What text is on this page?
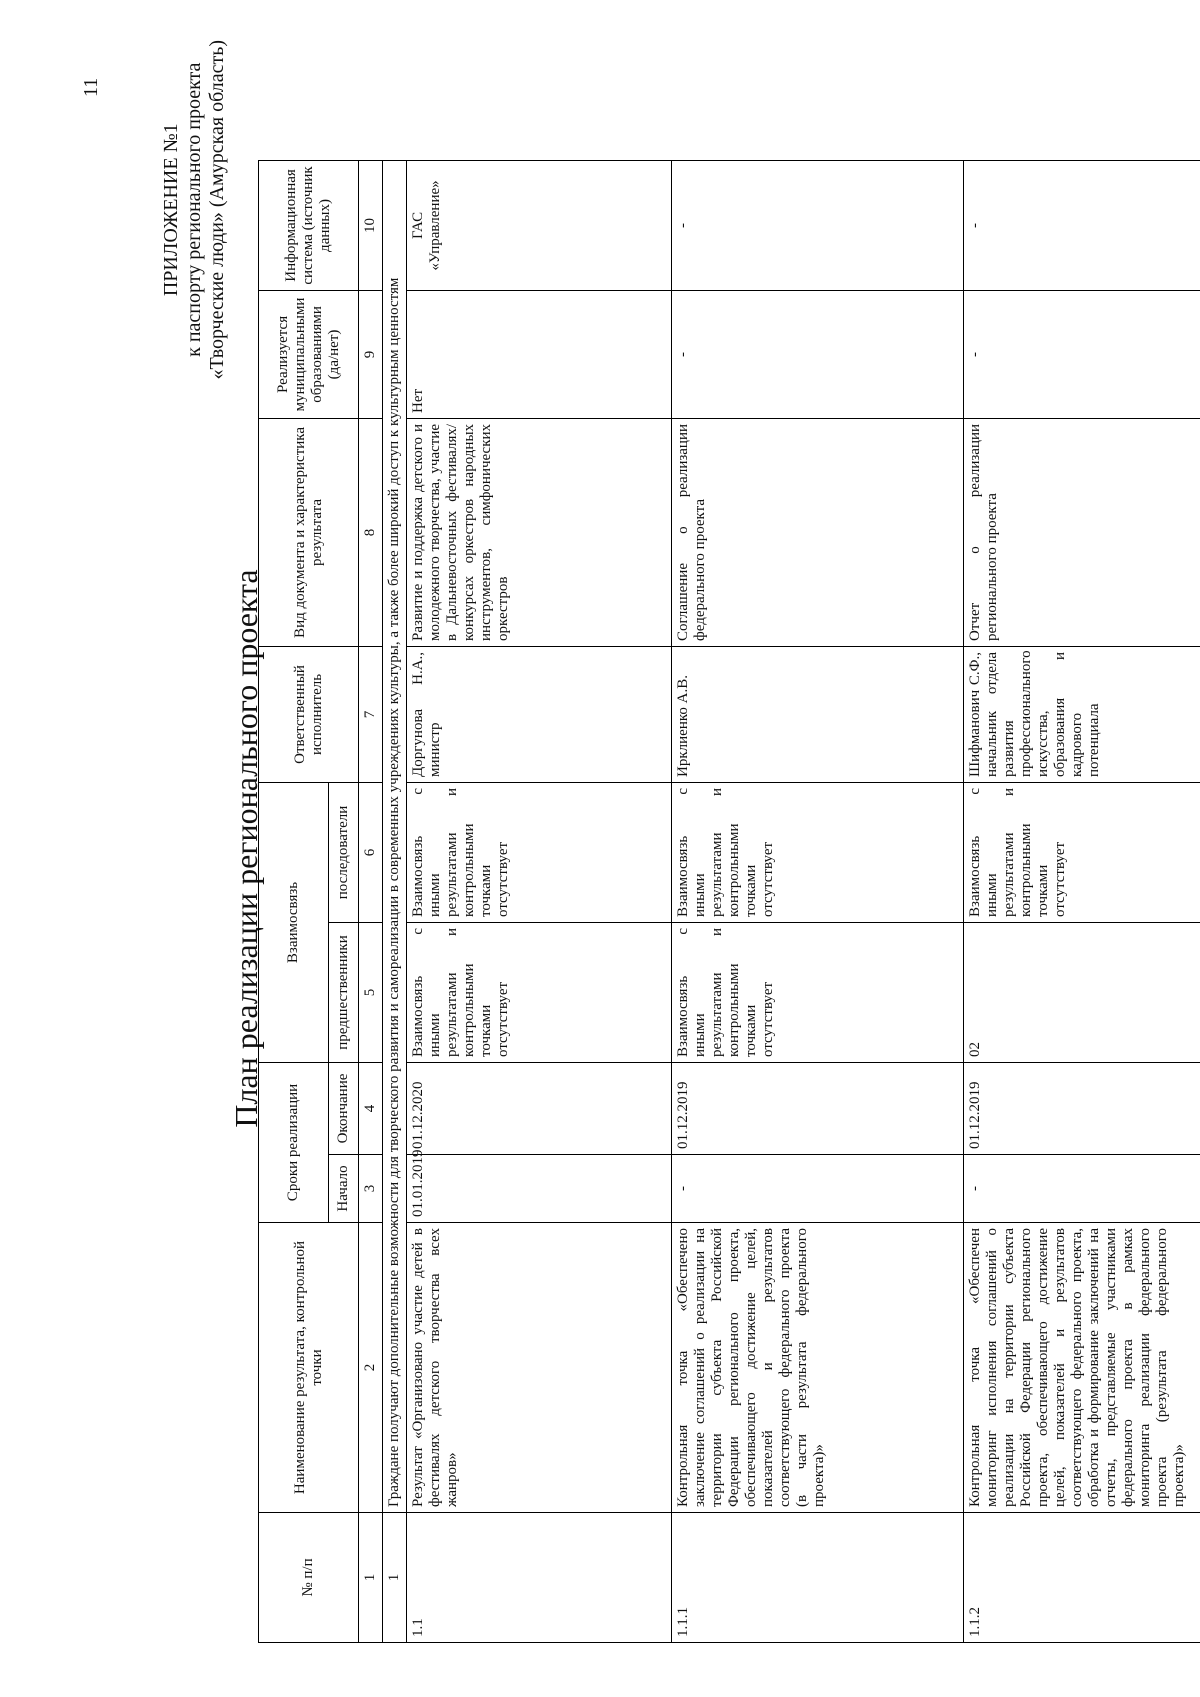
11
ПРИЛОЖЕНИЕ №1 к паспорту регионального проекта «Творческие люди» (Амурская область)
План реализации регионального проекта
№ п/п	Наименование результата, контрольной точки	Сроки реализации		Взаимосвязь		Ответственный исполнитель	Вид документа и характеристика результата	Реализуется муниципальными образованиями (да/нет)	Информационная система (источник данных)
		Начало	Окончание	предшественники	последователи				
1	2	3	4	5	6	7	8	9	10
1	Граждане получают дополнительные возможности для творческого развития и самореализации в современных учреждениях культуры, а также более широкий доступ к культурным ценностям								
1.1	Результат «Организовано участие детей в фестивалях детского творчества всех жанров»	01.01.2019	01.12.2020	Взаимосвязь с иными результатами и контрольными точками отсутствует	Взаимосвязь с иными результатами и контрольными точками отсутствует	Доргунова Н.А., министр	Развитие и поддержка детского и молодежного творчества, участие в Дальневосточных фестивалях/ конкурсах оркестров народных инструментов, симфонических оркестров	Нет	ГАС «Управление»
1.1.1	Контрольная точка «Обеспечено заключение соглашений о реализации на территории субъекта Российской Федерации регионального проекта, обеспечивающего достижение целей, показателей и результатов соответствующего федерального проекта (в части результата федерального проекта)»	-	01.12.2019	Взаимосвязь с иными результатами и контрольными точками отсутствует	Взаимосвязь с иными результатами и контрольными точками отсутствует	Ирклиенко А.В.	Соглашение о реализации федерального проекта	-	-
1.1.2	Контрольная точка «Обеспечен мониторинг исполнения соглашений о реализации на территории субъекта Российской Федерации регионального проекта, обеспечивающего достижение целей, показателей и результатов соответствующего федерального проекта, обработка и формирование заключений на отчеты, представляемые участниками федерального проекта в рамках мониторинга реализации федерального проекта (результата федерального проекта)»	-	01.12.2019	02	Взаимосвязь с иными результатами и контрольными точками отсутствует	Шифманович С.Ф., начальник отдела развития профессионального искусства, образования и кадрового потенциала	Отчет о реализации регионального проекта	-	-
